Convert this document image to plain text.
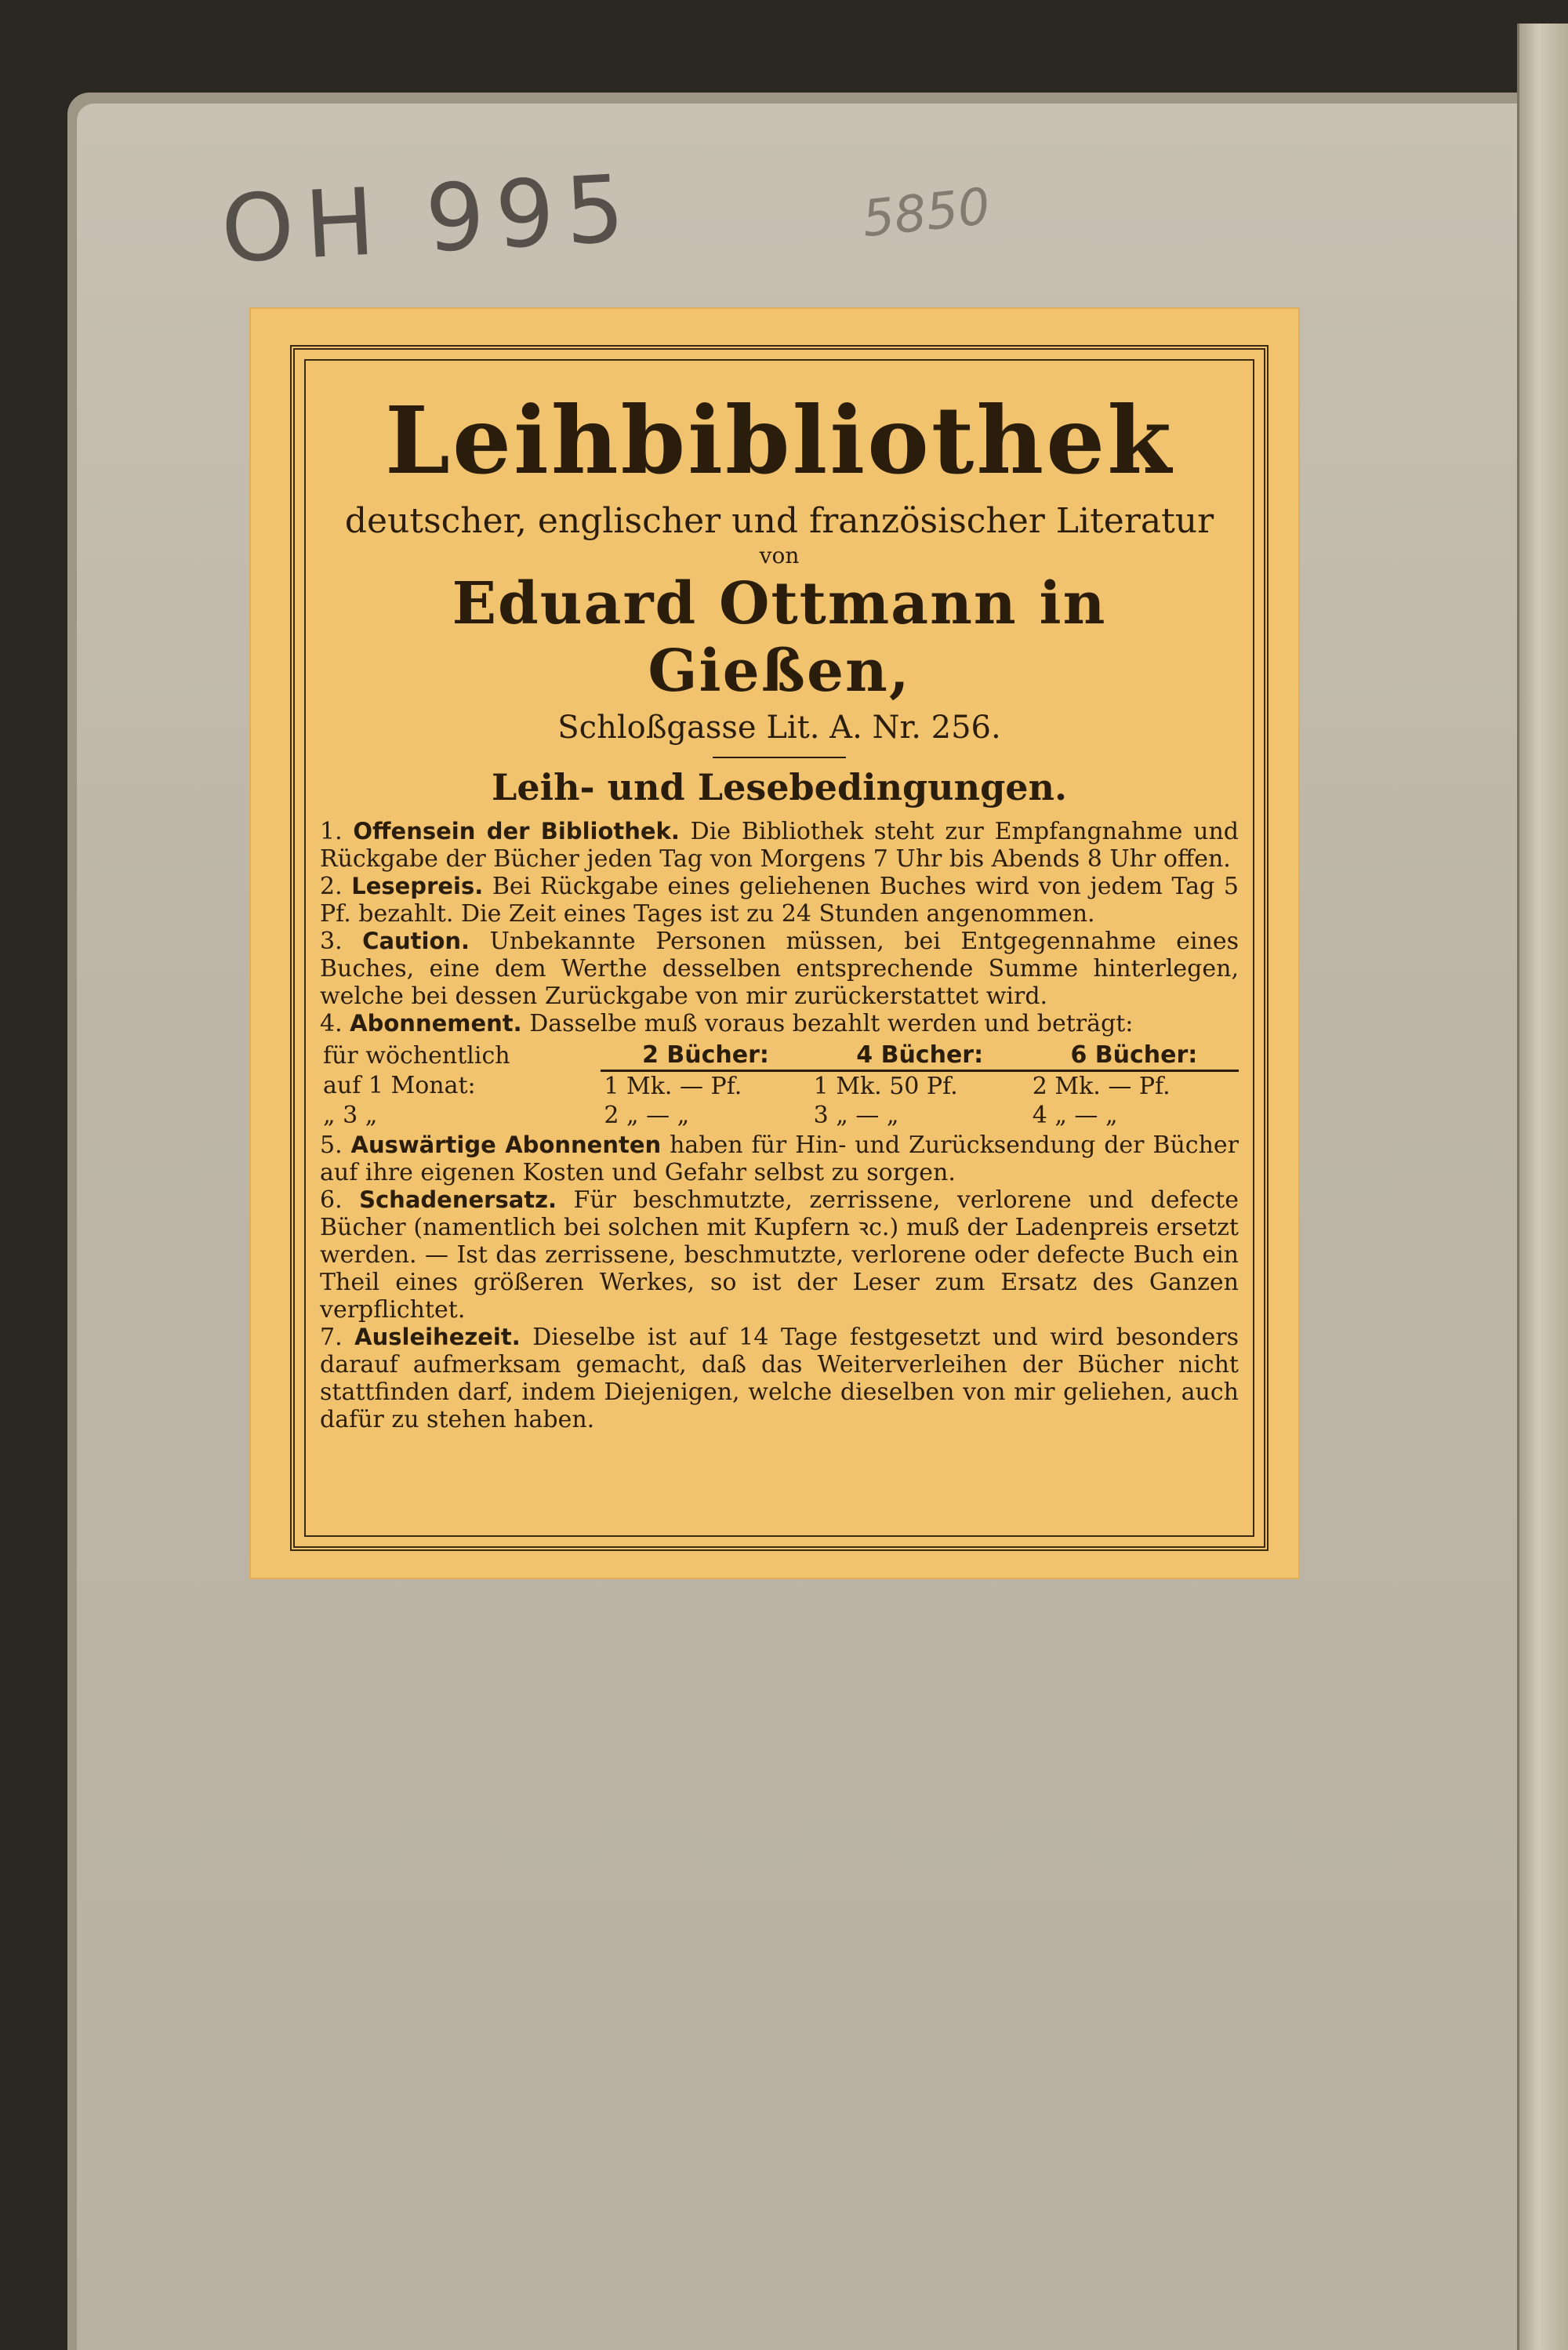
OH 995	5850
Leihbibliothek
deutscher, englischer und französischer Literatur
von
Eduard Ottmann in Gießen,
Schloßgasse Lit. A. Nr. 256.
Leih- und Lesebedingungen.

1. Offensein der Bibliothek. Die Bibliothek steht zur Empfangnahme und Rückgabe der Bücher jeden Tag von Morgens 7 Uhr bis Abends 8 Uhr offen.

2. Lesepreis. Bei Rückgabe eines geliehenen Buches wird von jedem Tag 5 Pf. bezahlt. Die Zeit eines Tages ist zu 24 Stunden angenommen.

3. Caution. Unbekannte Personen müssen, bei Entgegennahme eines Buches, eine dem Werthe desselben entsprechende Summe hinterlegen, welche bei dessen Zurückgabe von mir zurückerstattet wird.

4. Abonnement. Dasselbe muß voraus bezahlt werden und beträgt:

für wöchentlich	2 Bücher:	4 Bücher:	6 Bücher:
auf 1 Monat:	1 Mk. — Pf.	1 Mk. 50 Pf.	2 Mk. — Pf.
„ 3 „	2 „ — „	3 „ — „	4 „ — „

5. Auswärtige Abonnenten haben für Hin- und Zurücksendung der Bücher auf ihre eigenen Kosten und Gefahr selbst zu sorgen.

6. Schadenersatz. Für beschmutzte, zerrissene, verlorene und defecte Bücher (namentlich bei solchen mit Kupfern ꝛc.) muß der Ladenpreis ersetzt werden. — Ist das zerrissene, beschmutzte, verlorene oder defecte Buch ein Theil eines größeren Werkes, so ist der Leser zum Ersatz des Ganzen verpflichtet.

7. Ausleihezeit. Dieselbe ist auf 14 Tage festgesetzt und wird besonders darauf aufmerksam gemacht, daß das Weiterverleihen der Bücher nicht stattfinden darf, indem Diejenigen, welche dieselben von mir geliehen, auch dafür zu stehen haben.
